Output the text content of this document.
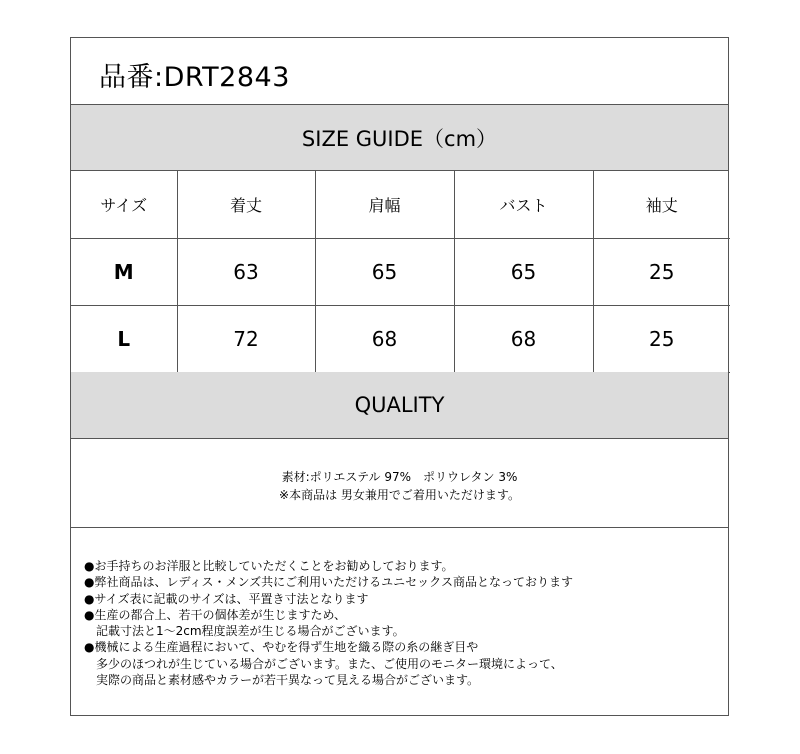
品番:DRT2843
SIZE GUIDE（cm）
サイズ	着丈	肩幅	バスト	袖丈
M	63	65	65	25
L	72	68	68	25
QUALITY
素材:ポリエステル 97%　ポリウレタン 3%
※本商品は 男女兼用でご着用いただけます。
●お手持ちのお洋服と比較していただくことをお勧めしております。
●弊社商品は、レディス・メンズ共にご利用いただけるユニセックス商品となっております
●サイズ表に記載のサイズは、平置き寸法となります
●生産の都合上、若干の個体差が生じますため、
　記載寸法と1～2cm程度誤差が生じる場合がございます。
●機械による生産過程において、やむを得ず生地を織る際の糸の継ぎ目や
　多少のほつれが生じている場合がございます。また、ご使用のモニター環境によって、
　実際の商品と素材感やカラーが若干異なって見える場合がございます。
